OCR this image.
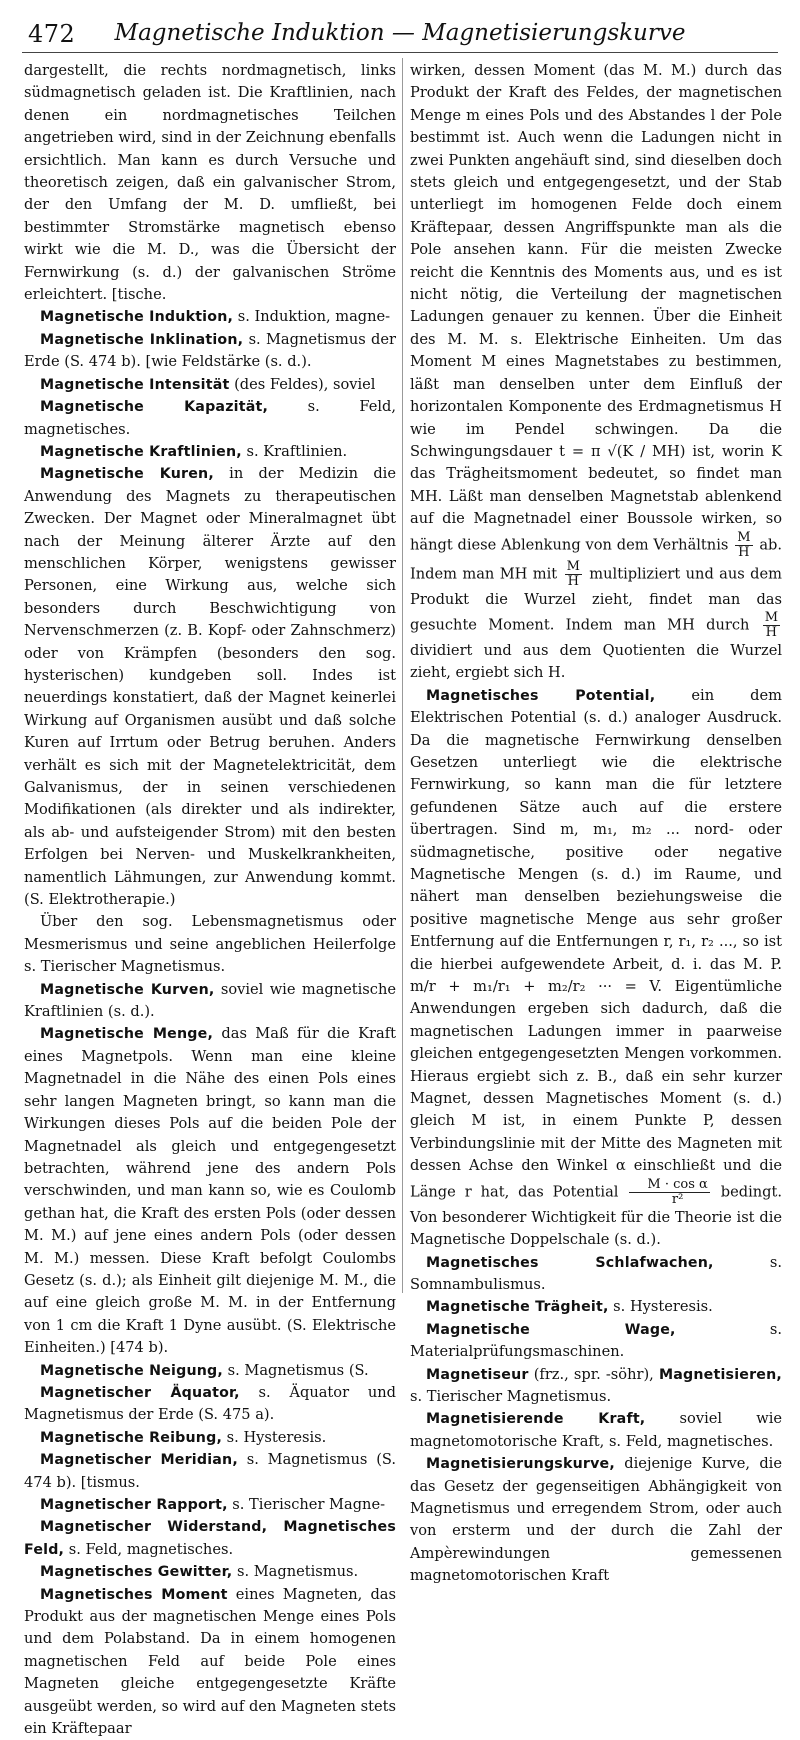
472	Magnetische Induktion — Magnetisierungskurve

dargestellt, die rechts nordmagnetisch, links südmagnetisch geladen ist. Die Kraftlinien, nach denen ein nordmagnetisches Teilchen angetrieben wird, sind in der Zeichnung ebenfalls ersichtlich. Man kann es durch Versuche und theoretisch zeigen, daß ein galvanischer Strom, der den Umfang der M. D. umfließt, bei bestimmter Stromstärke magnetisch ebenso wirkt wie die M. D., was die Übersicht der Fernwirkung (s. d.) der galvanischen Ströme erleichtert. [tische.

Magnetische Induktion, s. Induktion, magne-

Magnetische Inklination, s. Magnetismus der Erde (S. 474 b). [wie Feldstärke (s. d.).

Magnetische Intensität (des Feldes), soviel

Magnetische Kapazität, s. Feld, magnetisches.

Magnetische Kraftlinien, s. Kraftlinien.

Magnetische Kuren, in der Medizin die Anwendung des Magnets zu therapeutischen Zwecken. Der Magnet oder Mineralmagnet übt nach der Meinung älterer Ärzte auf den menschlichen Körper, wenigstens gewisser Personen, eine Wirkung aus, welche sich besonders durch Beschwichtigung von Nervenschmerzen (z. B. Kopf- oder Zahnschmerz) oder von Krämpfen (besonders den sog. hysterischen) kundgeben soll. Indes ist neuerdings konstatiert, daß der Magnet keinerlei Wirkung auf Organismen ausübt und daß solche Kuren auf Irrtum oder Betrug beruhen. Anders verhält es sich mit der Magnetelektricität, dem Galvanismus, der in seinen verschiedenen Modifikationen (als direkter und als indirekter, als ab- und aufsteigender Strom) mit den besten Erfolgen bei Nerven- und Muskelkrankheiten, namentlich Lähmungen, zur Anwendung kommt. (S. Elektrotherapie.)

Über den sog. Lebensmagnetismus oder Mesmerismus und seine angeblichen Heilerfolge s. Tierischer Magnetismus.

Magnetische Kurven, soviel wie magnetische Kraftlinien (s. d.).

Magnetische Menge, das Maß für die Kraft eines Magnetpols. Wenn man eine kleine Magnetnadel in die Nähe des einen Pols eines sehr langen Magneten bringt, so kann man die Wirkungen dieses Pols auf die beiden Pole der Magnetnadel als gleich und entgegengesetzt betrachten, während jene des andern Pols verschwinden, und man kann so, wie es Coulomb gethan hat, die Kraft des ersten Pols (oder dessen M. M.) auf jene eines andern Pols (oder dessen M. M.) messen. Diese Kraft befolgt Coulombs Gesetz (s. d.); als Einheit gilt diejenige M. M., die auf eine gleich große M. M. in der Entfernung von 1 cm die Kraft 1 Dyne ausübt. (S. Elektrische Einheiten.) [474 b).

Magnetische Neigung, s. Magnetismus (S.

Magnetischer Äquator, s. Äquator und Magnetismus der Erde (S. 475 a).

Magnetische Reibung, s. Hysteresis.

Magnetischer Meridian, s. Magnetismus (S. 474 b). [tismus.

Magnetischer Rapport, s. Tierischer Magne-

Magnetischer Widerstand, Magnetisches Feld, s. Feld, magnetisches.

Magnetisches Gewitter, s. Magnetismus.

Magnetisches Moment eines Magneten, das Produkt aus der magnetischen Menge eines Pols und dem Polabstand. Da in einem homogenen magnetischen Feld auf beide Pole eines Magneten gleiche entgegengesetzte Kräfte ausgeübt werden, so wird auf den Magneten stets ein Kräftepaar

wirken, dessen Moment (das M. M.) durch das Produkt der Kraft des Feldes, der magnetischen Menge m eines Pols und des Abstandes l der Pole bestimmt ist. Auch wenn die Ladungen nicht in zwei Punkten angehäuft sind, sind dieselben doch stets gleich und entgegengesetzt, und der Stab unterliegt im homogenen Felde doch einem Kräftepaar, dessen Angriffspunkte man als die Pole ansehen kann. Für die meisten Zwecke reicht die Kenntnis des Moments aus, und es ist nicht nötig, die Verteilung der magnetischen Ladungen genauer zu kennen. Über die Einheit des M. M. s. Elektrische Einheiten. Um das Moment M eines Magnetstabes zu bestimmen, läßt man denselben unter dem Einfluß der horizontalen Komponente des Erdmagnetismus H wie im Pendel schwingen. Da die Schwingungsdauer t = π √(K / MH) ist, worin K das Trägheitsmoment bedeutet, so findet man MH. Läßt man denselben Magnetstab ablenkend auf die Magnetnadel einer Boussole wirken, so hängt diese Ablenkung von dem Verhältnis $\frac{M}{H}$ ab. Indem man MH mit $\frac{M}{H}$ multipliziert und aus dem Produkt die Wurzel zieht, findet man das gesuchte Moment. Indem man MH durch $\frac{M}{H}$
dividiert und aus dem Quotienten die Wurzel zieht, ergiebt sich H.

Magnetisches Potential, ein dem Elektrischen Potential (s. d.) analoger Ausdruck. Da die magnetische Fernwirkung denselben Gesetzen unterliegt wie die elektrische Fernwirkung, so kann man die für letztere gefundenen Sätze auch auf die erstere übertragen. Sind m, m₁, m₂ ... nord- oder südmagnetische, positive oder negative Magnetische Mengen (s. d.) im Raume, und nähert man denselben beziehungsweise die positive magnetische Menge aus sehr großer Entfernung auf die Entfernungen r, r₁, r₂ ..., so ist die hierbei aufgewendete Arbeit, d. i. das M. P. m/r + m₁/r₁ + m₂/r₂ ··· = V. Eigentümliche Anwendungen ergeben sich dadurch, daß die magnetischen Ladungen immer in paarweise gleichen entgegengesetzten Mengen vorkommen. Hieraus ergiebt sich z. B., daß ein sehr kurzer Magnet, dessen Magnetisches Moment (s. d.) gleich M ist, in einem Punkte P, dessen Verbindungslinie mit der Mitte des Magneten mit dessen Achse den Winkel α einschließt und die Länge r hat, das Potential $\frac{\text{M · cos α}}{\text{r²}}$ bedingt. Von besonderer Wichtigkeit für die Theorie ist die Magnetische Doppelschale (s. d.).

Magnetisches Schlafwachen, s. Somnambulismus.

Magnetische Trägheit, s. Hysteresis.

Magnetische Wage, s. Materialprüfungsmaschinen.

Magnetiseur (frz., spr. -söhr), Magnetisieren, s. Tierischer Magnetismus.

Magnetisierende Kraft, soviel wie magnetomotorische Kraft, s. Feld, magnetisches.

Magnetisierungskurve, diejenige Kurve, die das Gesetz der gegenseitigen Abhängigkeit von Magnetismus und erregendem Strom, oder auch von ersterm und der durch die Zahl der Ampèrewindungen gemessenen magnetomotorischen Kraft
